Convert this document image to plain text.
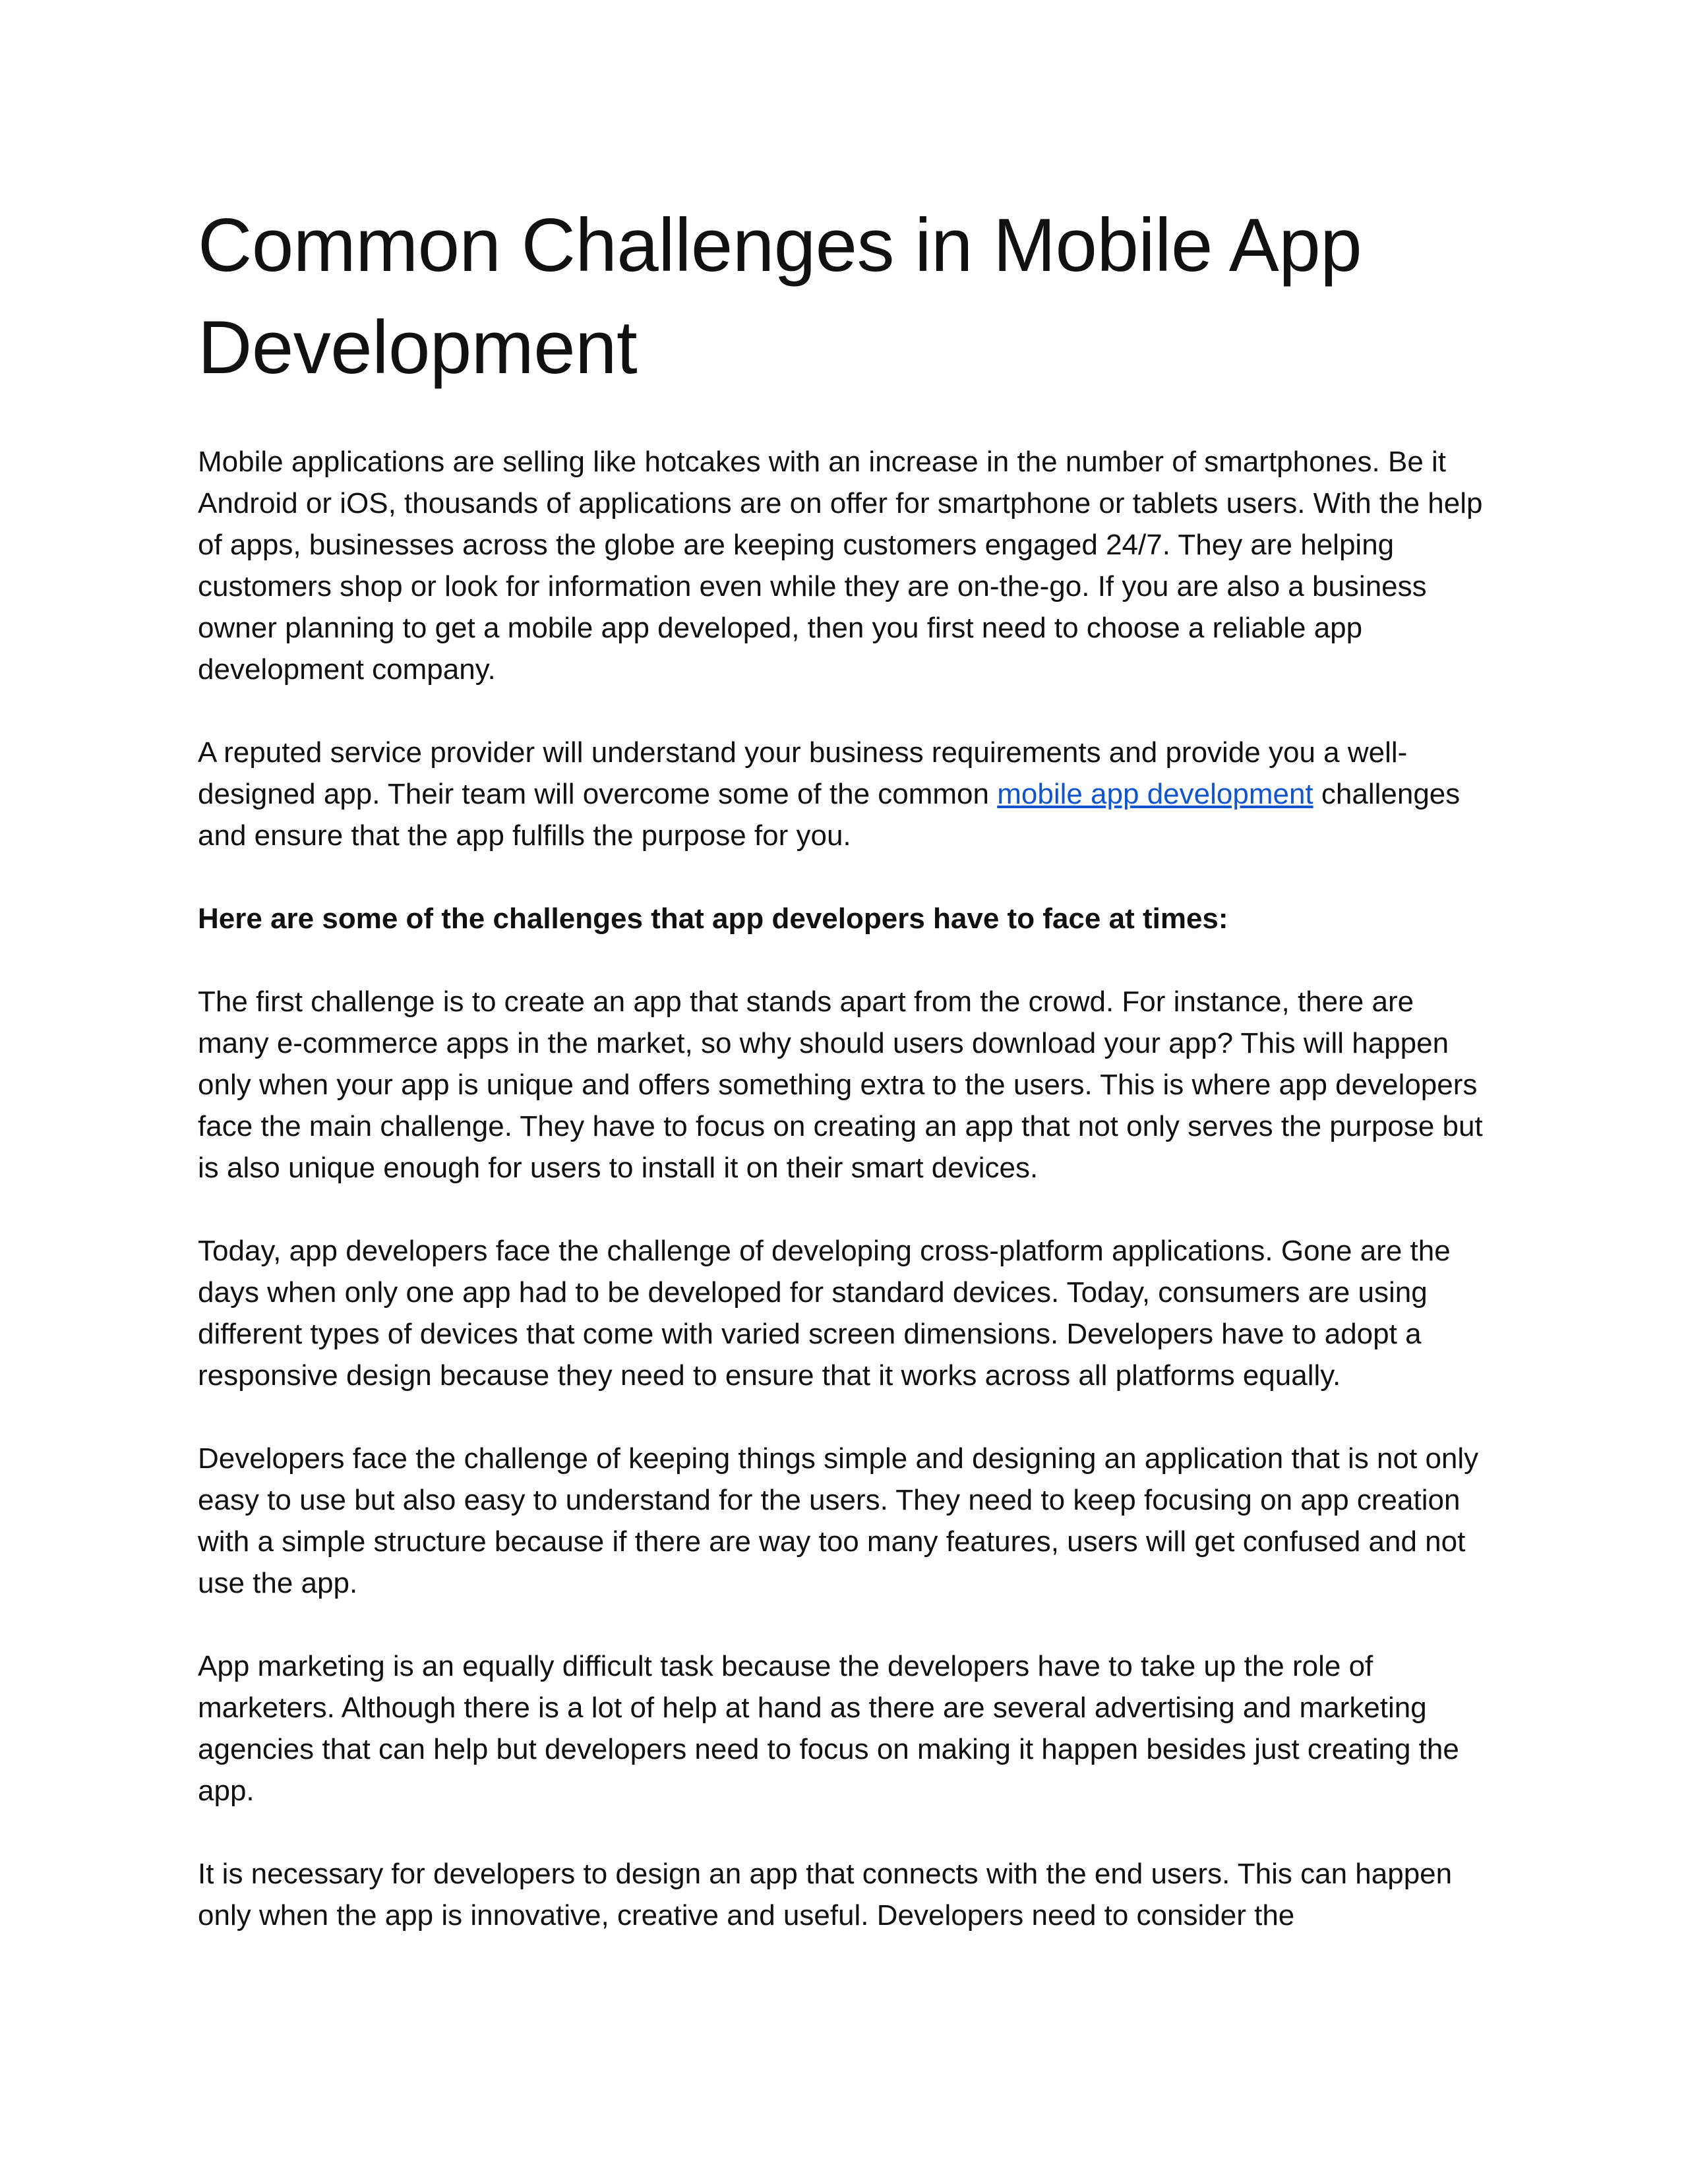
Common Challenges in Mobile App Development

Mobile applications are selling like hotcakes with an increase in the number of smartphones. Be it Android or iOS, thousands of applications are on offer for smartphone or tablets users. With the help of apps, businesses across the globe are keeping customers engaged 24/7. They are helping customers shop or look for information even while they are on-the-go. If you are also a business owner planning to get a mobile app developed, then you first need to choose a reliable app development company.

A reputed service provider will understand your business requirements and provide you a well-designed app. Their team will overcome some of the common mobile app development challenges and ensure that the app fulfills the purpose for you.

Here are some of the challenges that app developers have to face at times:

The first challenge is to create an app that stands apart from the crowd. For instance, there are many e-commerce apps in the market, so why should users download your app? This will happen only when your app is unique and offers something extra to the users. This is where app developers face the main challenge. They have to focus on creating an app that not only serves the purpose but is also unique enough for users to install it on their smart devices.

Today, app developers face the challenge of developing cross-platform applications. Gone are the days when only one app had to be developed for standard devices. Today, consumers are using different types of devices that come with varied screen dimensions. Developers have to adopt a responsive design because they need to ensure that it works across all platforms equally.

Developers face the challenge of keeping things simple and designing an application that is not only easy to use but also easy to understand for the users. They need to keep focusing on app creation with a simple structure because if there are way too many features, users will get confused and not use the app.

App marketing is an equally difficult task because the developers have to take up the role of marketers. Although there is a lot of help at hand as there are several advertising and marketing agencies that can help but developers need to focus on making it happen besides just creating the app.

It is necessary for developers to design an app that connects with the end users. This can happen only when the app is innovative, creative and useful. Developers need to consider the
